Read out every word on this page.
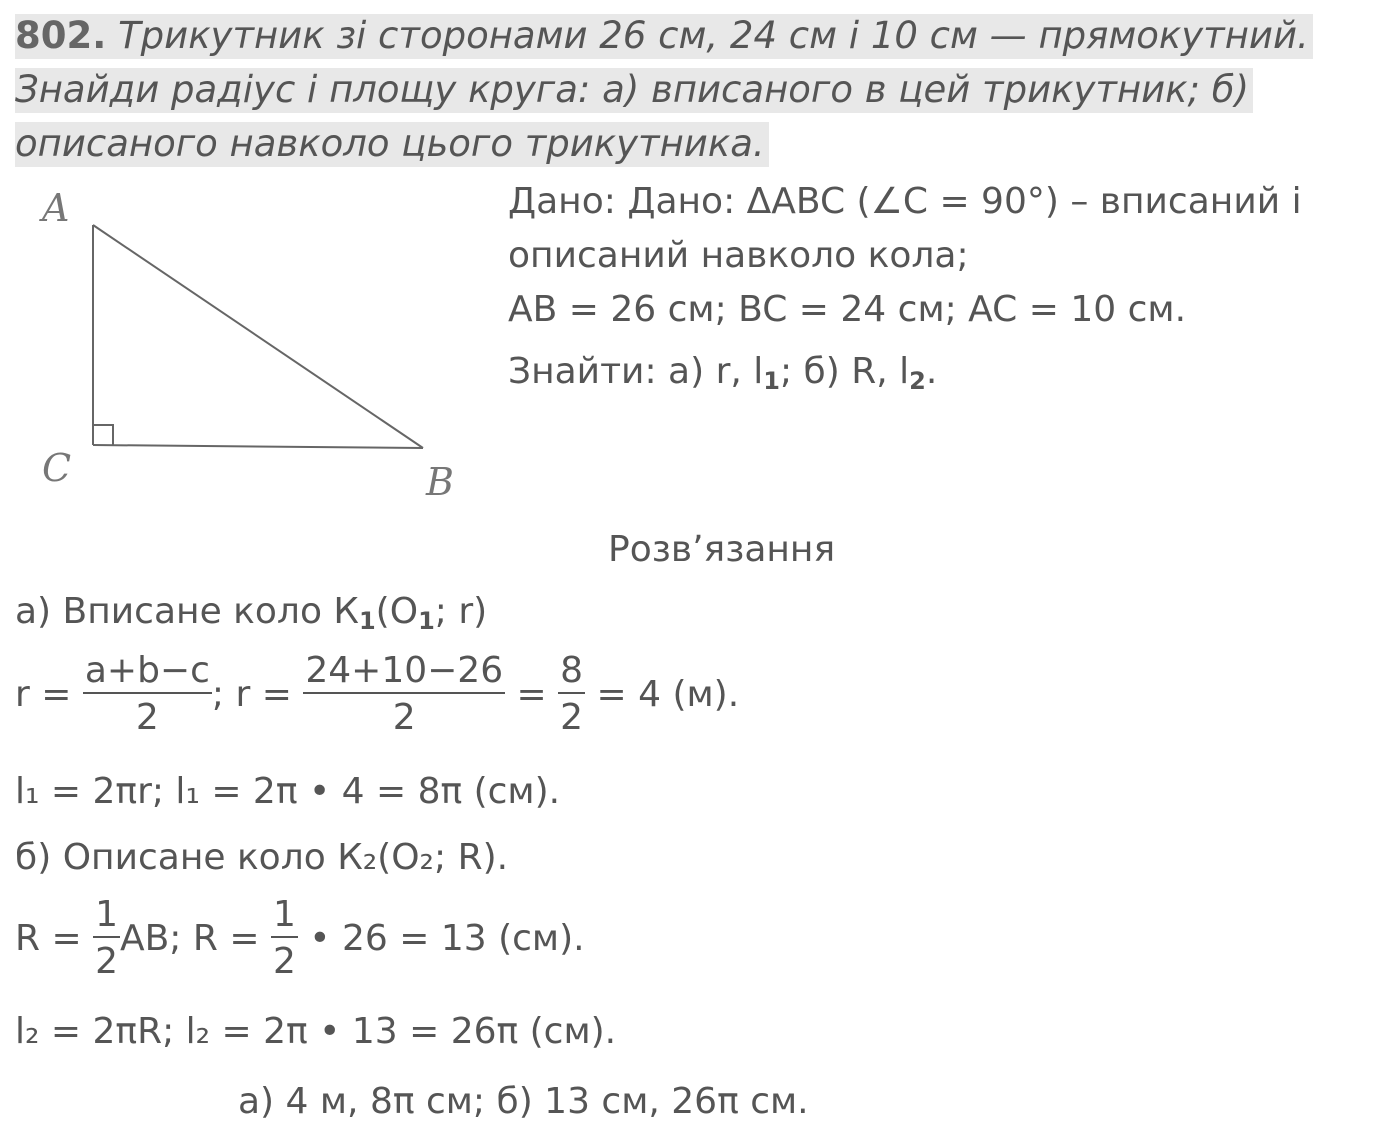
802. Трикутник зі сторонами 26 см, 24 см і 10 см — прямокутний.
Знайди радіус і площу круга: а) вписаного в цей трикутник; б)
описаного навколо цього трикутника.
A
C	B
Дано: Дано: ΔABC (∠C = 90°) – вписаний і
описаний навколо кола;
AB = 26 см; BC = 24 см; AC = 10 см.
Знайти: а) r, l1; б) R, l2.
Розв’язання
а) Вписане коло К1(O1; r)
$r = \frac{a+b-c}{2}$ ; $r = \frac{24+10-26}{2} = \frac{8}{2} = 4$ (м).
l₁ = 2πr; l₁ = 2π • 4 = 8π (см).
б) Описане коло К₂(O₂; R).
$R = \frac{1}{2}$ AB; $R = \frac{1}{2}$ • 26 = 13 (см).
l₂ = 2πR; l₂ = 2π • 13 = 26π (см).
а) 4 м, 8π см; б) 13 см, 26π см.
